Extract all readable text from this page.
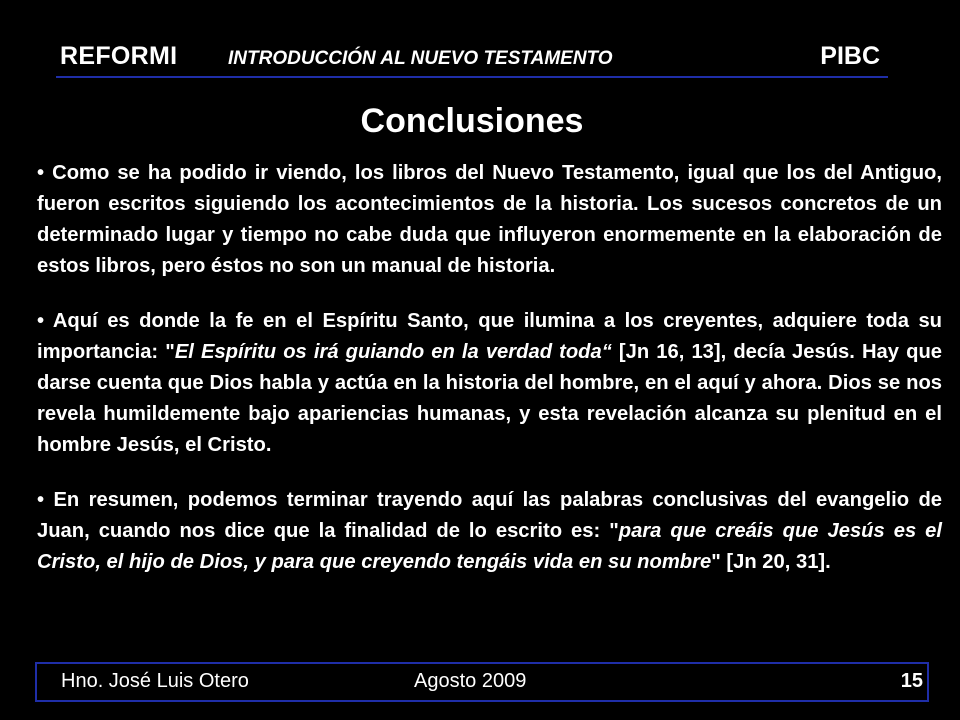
REFORMI	INTRODUCCIÓN AL NUEVO TESTAMENTO	PIBC
Conclusiones

• Como se ha podido ir viendo, los libros del Nuevo Testamento, igual que los del Antiguo, fueron escritos siguiendo los acontecimientos de la historia. Los sucesos concretos de un determinado lugar y tiempo no cabe duda que influyeron enormemente en la elaboración de estos libros, pero éstos no son un manual de historia.

• Aquí es donde la fe en el Espíritu Santo, que ilumina a los creyentes, adquiere toda su importancia: "El Espíritu os irá guiando en la verdad toda“ [Jn 16, 13], decía Jesús. Hay que darse cuenta que Dios habla y actúa en la historia del hombre, en el aquí y ahora. Dios se nos revela humildemente bajo apariencias humanas, y esta revelación alcanza su plenitud en el hombre Jesús, el Cristo.

• En resumen, podemos terminar trayendo aquí las palabras conclusivas del evangelio de Juan, cuando nos dice que la finalidad de lo escrito es: "para que creáis que Jesús es el Cristo, el hijo de Dios, y para que creyendo tengáis vida en su nombre" [Jn 20, 31].

Hno. José Luis Otero	Agosto 2009	15
